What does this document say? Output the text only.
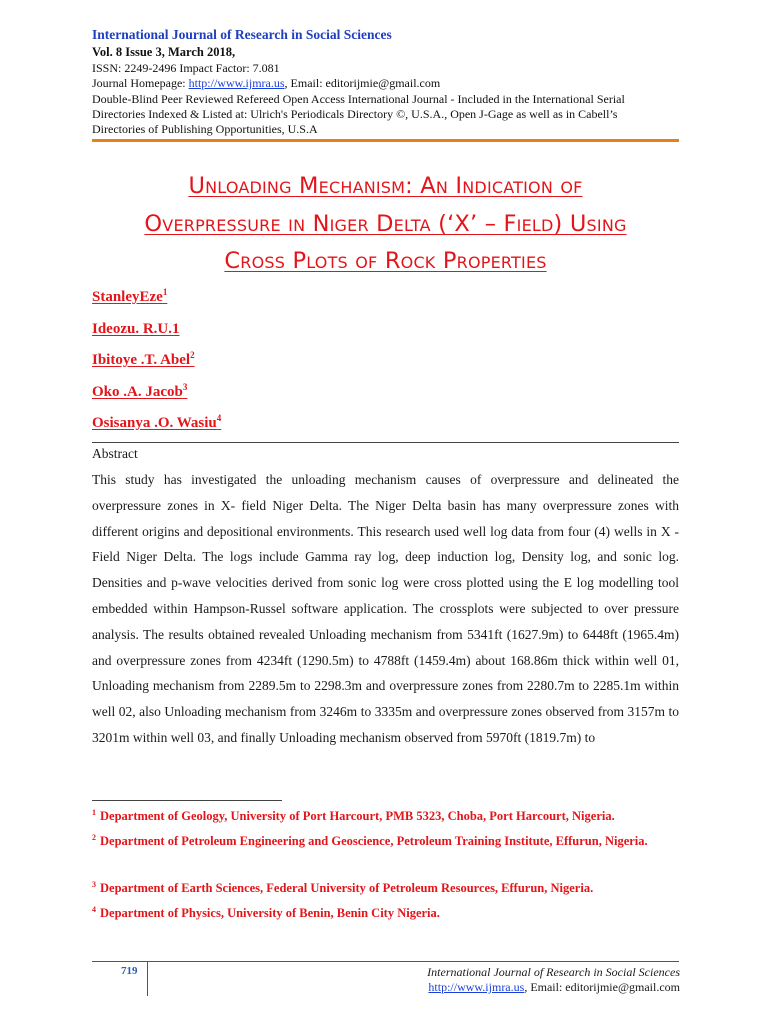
International Journal of Research in Social Sciences
Vol. 8 Issue 3, March 2018,
ISSN: 2249-2496 Impact Factor: 7.081
Journal Homepage: http://www.ijmra.us, Email: editorijmie@gmail.com
Double-Blind Peer Reviewed Refereed Open Access International Journal - Included in the International Serial
Directories Indexed & Listed at: Ulrich's Periodicals Directory ©, U.S.A., Open J-Gage as well as in Cabell’s
Directories of Publishing Opportunities, U.S.A
Unloading Mechanism: An Indication of
Overpressure in Niger Delta (‘X’ – Field) Using
Cross Plots of Rock Properties
StanleyEze$^1$
Ideozu. R.U.1
Ibitoye .T. Abel$^2$
Oko .A. Jacob$^3$
Osisanya .O. Wasiu$^4$
Abstract
This study has investigated the unloading mechanism causes of overpressure and delineated the overpressure zones in X- field Niger Delta. The Niger Delta basin has many overpressure zones with different origins and depositional environments. This research used well log data from four (4) wells in X - Field Niger Delta. The logs include Gamma ray log, deep induction log, Density log, and sonic log. Densities and p-wave velocities derived from sonic log were cross plotted using the E log modelling tool embedded within Hampson-Russel software application. The crossplots were subjected to over pressure analysis. The results obtained revealed Unloading mechanism from 5341ft (1627.9m) to 6448ft (1965.4m) and overpressure zones from 4234ft (1290.5m) to 4788ft (1459.4m) about 168.86m thick within well 01, Unloading mechanism from 2289.5m to 2298.3m and overpressure zones from 2280.7m to 2285.1m within well 02, also Unloading mechanism from 3246m to 3335m and overpressure zones observed from 3157m to 3201m within well 03, and finally Unloading mechanism observed from 5970ft (1819.7m) to
$^1$ Department of Geology, University of Port Harcourt, PMB 5323, Choba, Port Harcourt, Nigeria.
$^2$ Department of Petroleum Engineering and Geoscience, Petroleum Training Institute, Effurun, Nigeria.
$^3$ Department of Earth Sciences, Federal University of Petroleum Resources, Effurun, Nigeria.
$^4$ Department of Physics, University of Benin, Benin City Nigeria.
719	International Journal of Research in Social Sciences
http://www.ijmra.us, Email: editorijmie@gmail.com
